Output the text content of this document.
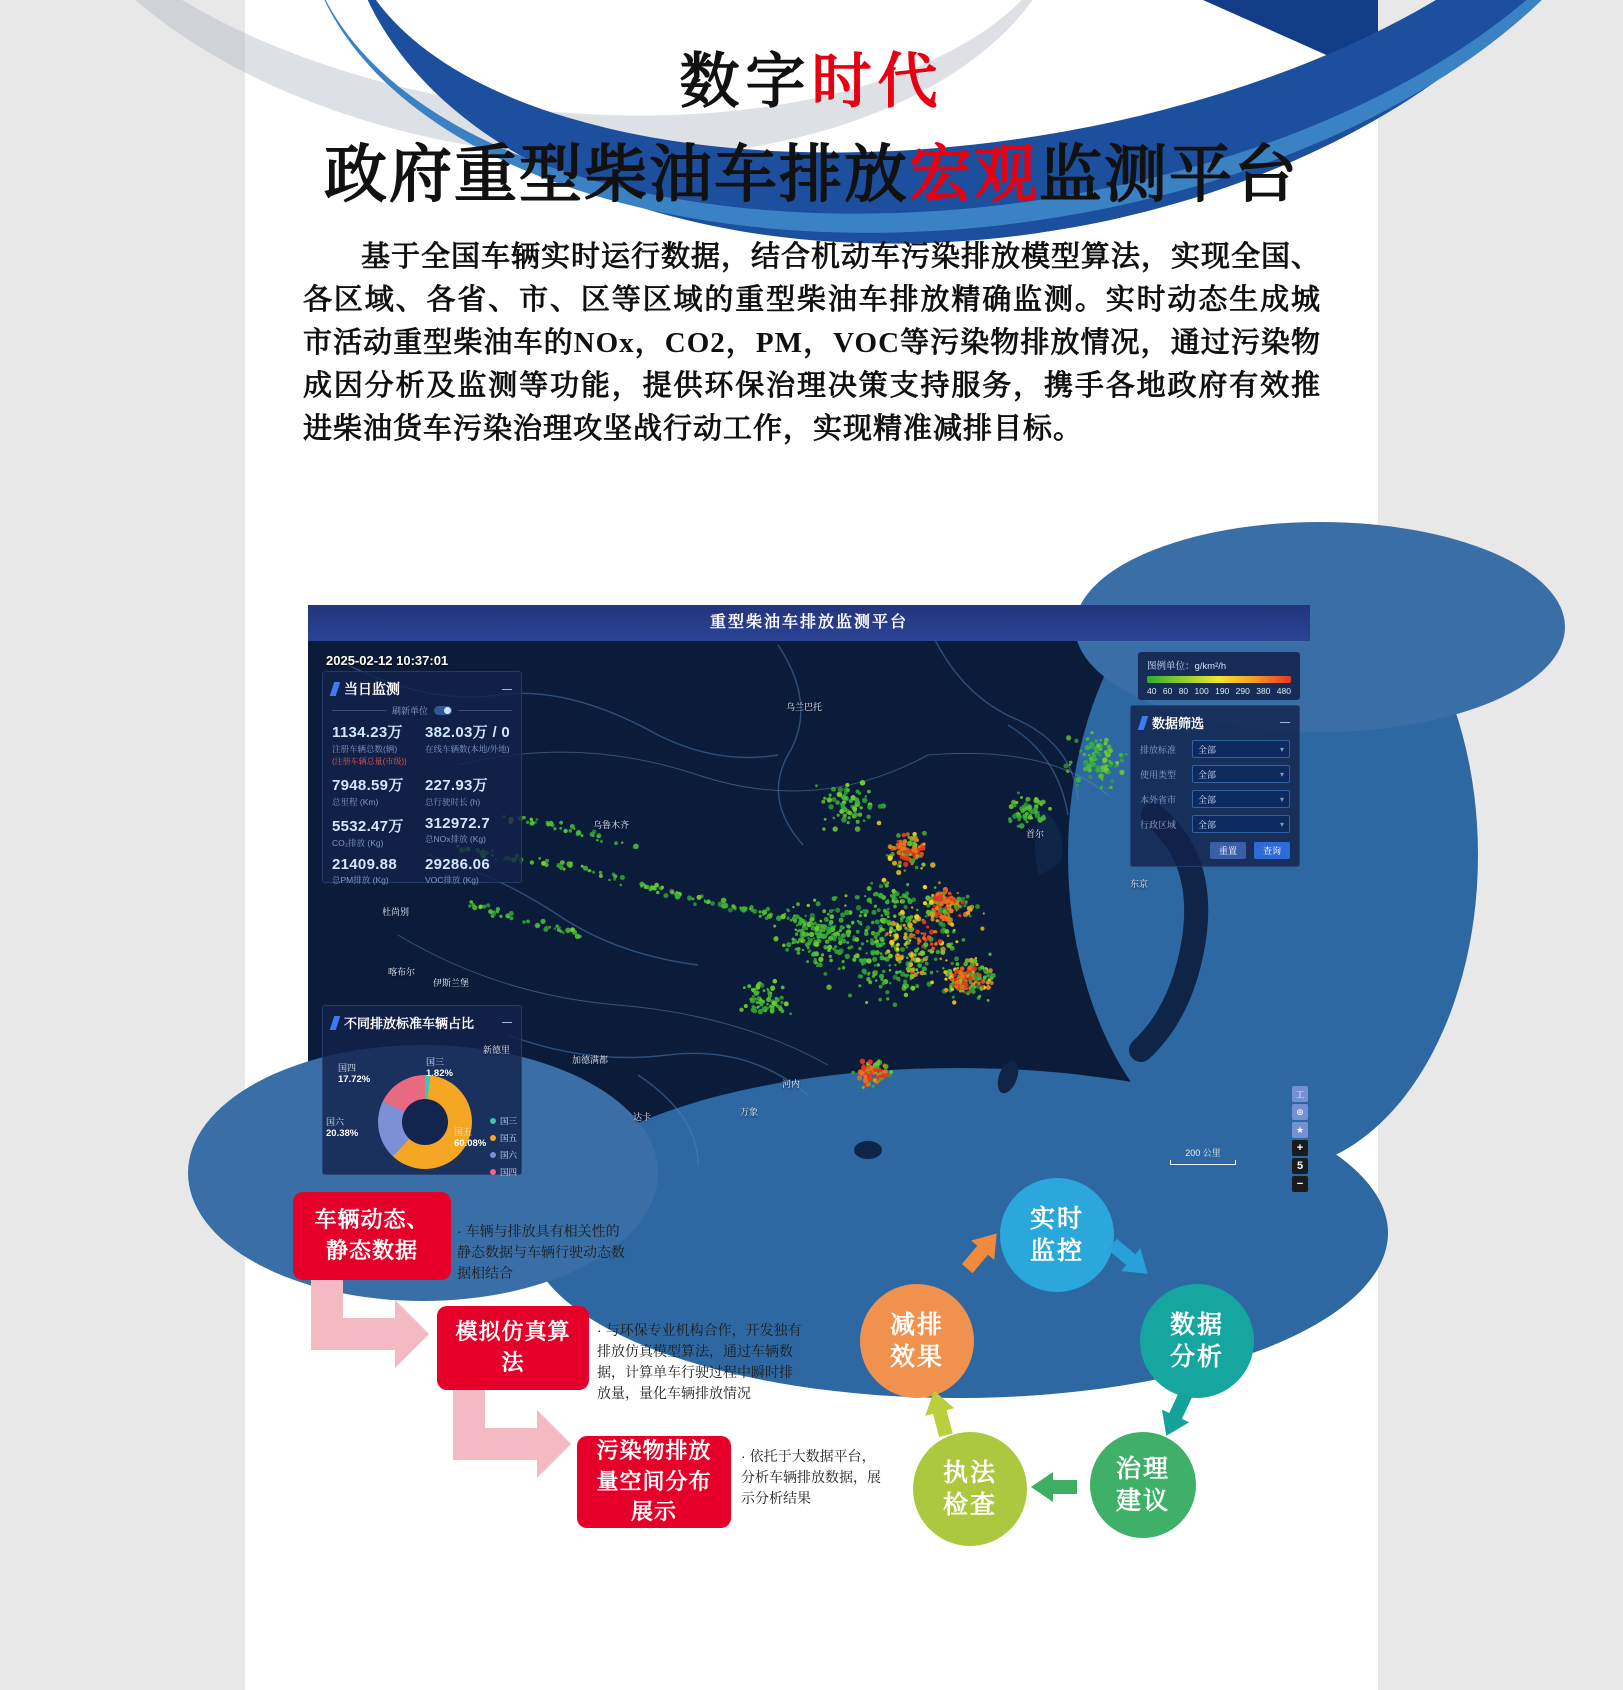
数字时代
政府重型柴油车排放宏观监测平台

基于全国车辆实时运行数据，结合机动车污染排放模型算法，实现全国、各区域、各省、市、区等区域的重型柴油车排放精确监测。实时动态生成城市活动重型柴油车的NOx，CO2，PM，VOC等污染物排放情况，通过污染物成因分析及监测等功能，提供环保治理决策支持服务，携手各地政府有效推进柴油货车污染治理攻坚战行动工作，实现精准减排目标。

重型柴油车排放监测平台
2025-02-12 10:37:01
当日监测	—
刷新单位
1134.23万
注册车辆总数(辆)
(注册车辆总量(市级))
382.03万 / 0
在线车辆数(本地/外地)
7948.59万
总里程 (Km)
227.93万
总行驶时长 (h)
5532.47万
CO₂排放 (Kg)
312972.7
总NOx排放 (Kg)
21409.88
总PM排放 (Kg)
29286.06
VOC排放 (Kg)
图例单位：g/km²/h
40 60 80 100 190 290 380 480
数据筛选	—
排放标准	全部	▾
使用类型	全部	▾
本外省市	全部	▾
行政区域	全部	▾
重置	查询
不同排放标准车辆占比	—
国三
1.82%
国五
60.08%
国六
20.38%
国四
17.72%
国三
国五
国六
国四
乌兰巴托
乌鲁木齐
杜尚别
喀布尔
伊斯兰堡
新德里
加德满都
达卡	万象
河内
首尔
东京
工
⊕
★
+
5
−
200 公里
车辆动态、静态数据
· 车辆与排放具有相关性的静态数据与车辆行驶动态数据相结合
模拟仿真算法
· 与环保专业机构合作，开发独有排放仿真模型算法，通过车辆数据，计算单车行驶过程中瞬时排放量，量化车辆排放情况
污染物排放量空间分布展示
· 依托于大数据平台，分析车辆排放数据，展示分析结果
实时
监控
数据
分析
治理
建议
执法
检查
减排
效果
